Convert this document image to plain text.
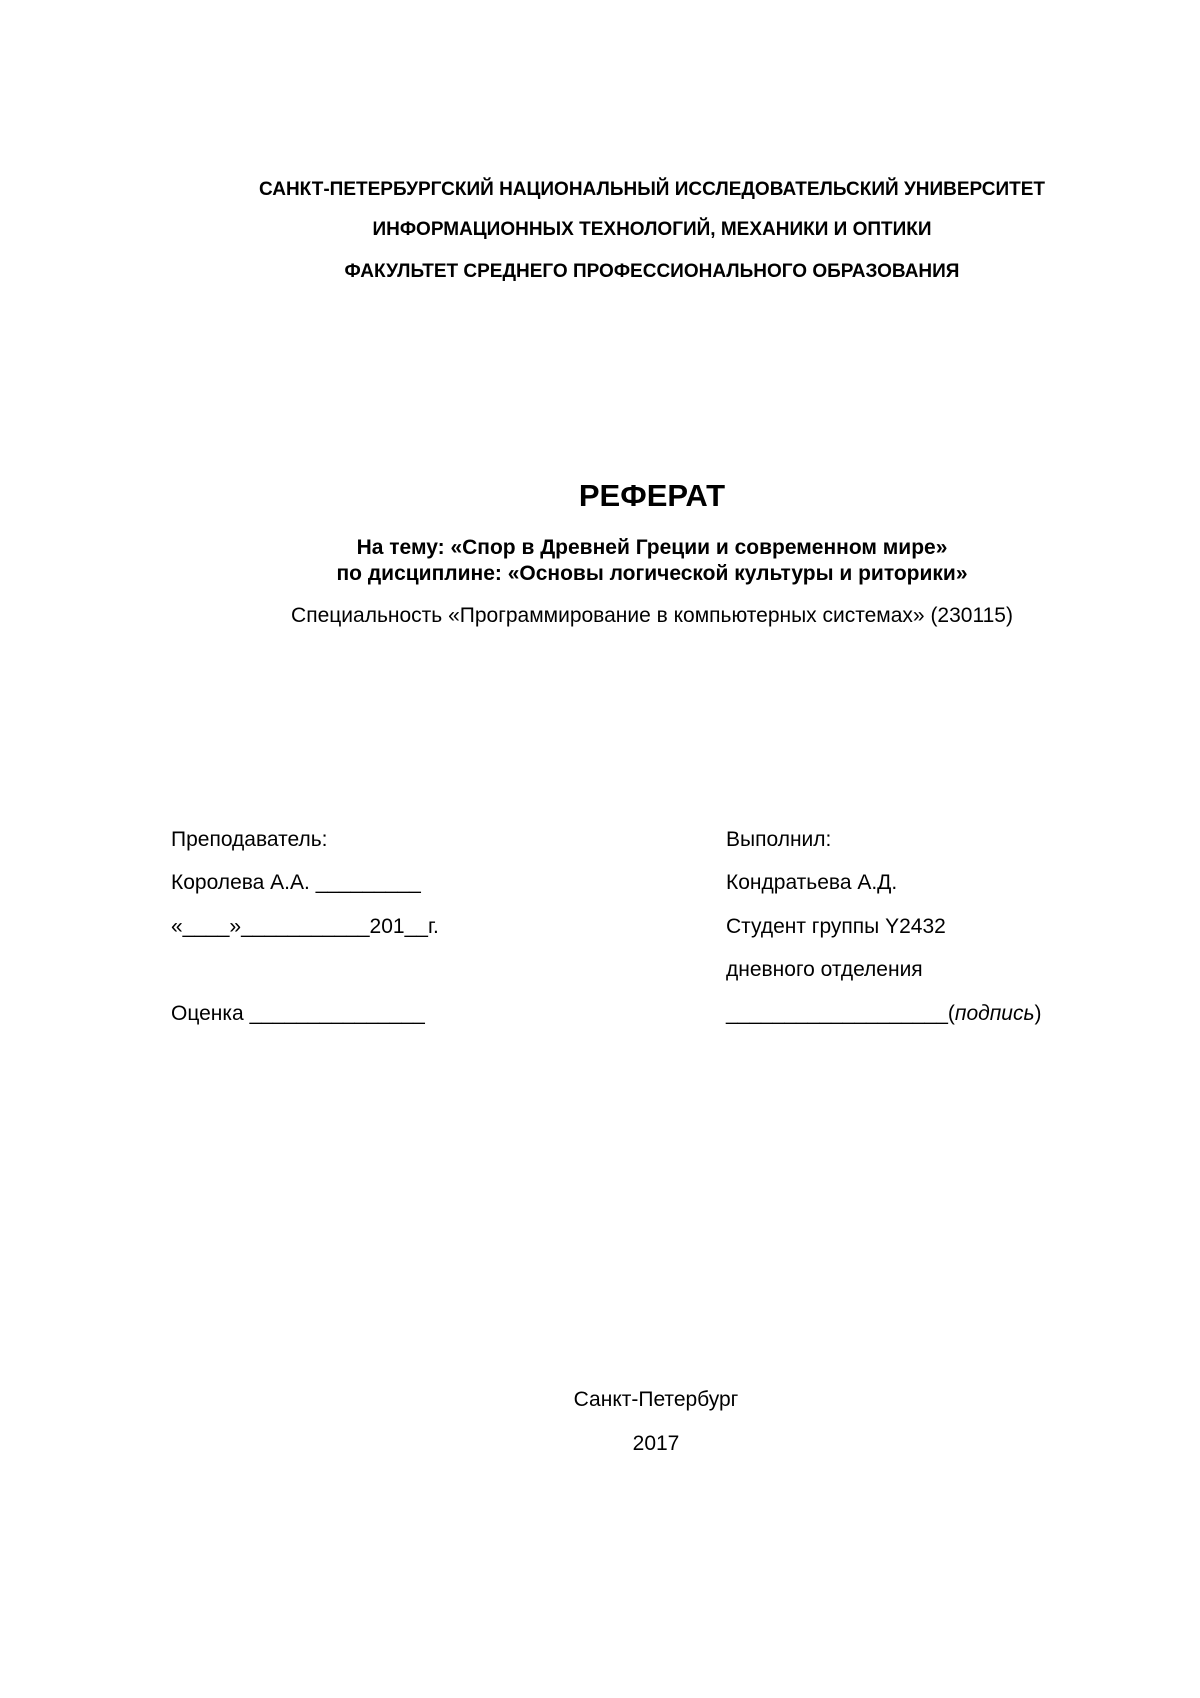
САНКТ-ПЕТЕРБУРГСКИЙ НАЦИОНАЛЬНЫЙ ИССЛЕДОВАТЕЛЬСКИЙ УНИВЕРСИТЕТ
ИНФОРМАЦИОННЫХ ТЕХНОЛОГИЙ, МЕХАНИКИ И ОПТИКИ
ФАКУЛЬТЕТ СРЕДНЕГО ПРОФЕССИОНАЛЬНОГО ОБРАЗОВАНИЯ
РЕФЕРАТ
На тему: «Спор в Древней Греции и современном мире»
по дисциплине: «Основы логической культуры и риторики»
Специальность «Программирование в компьютерных системах» (230115)
Преподаватель:
Королева А.А. _________
«____»___________201__г.
Оценка _______________
Выполнил:
Кондратьева А.Д.
Студент группы Y2432
дневного отделения
___________________(подпись)
Санкт-Петербург
2017
